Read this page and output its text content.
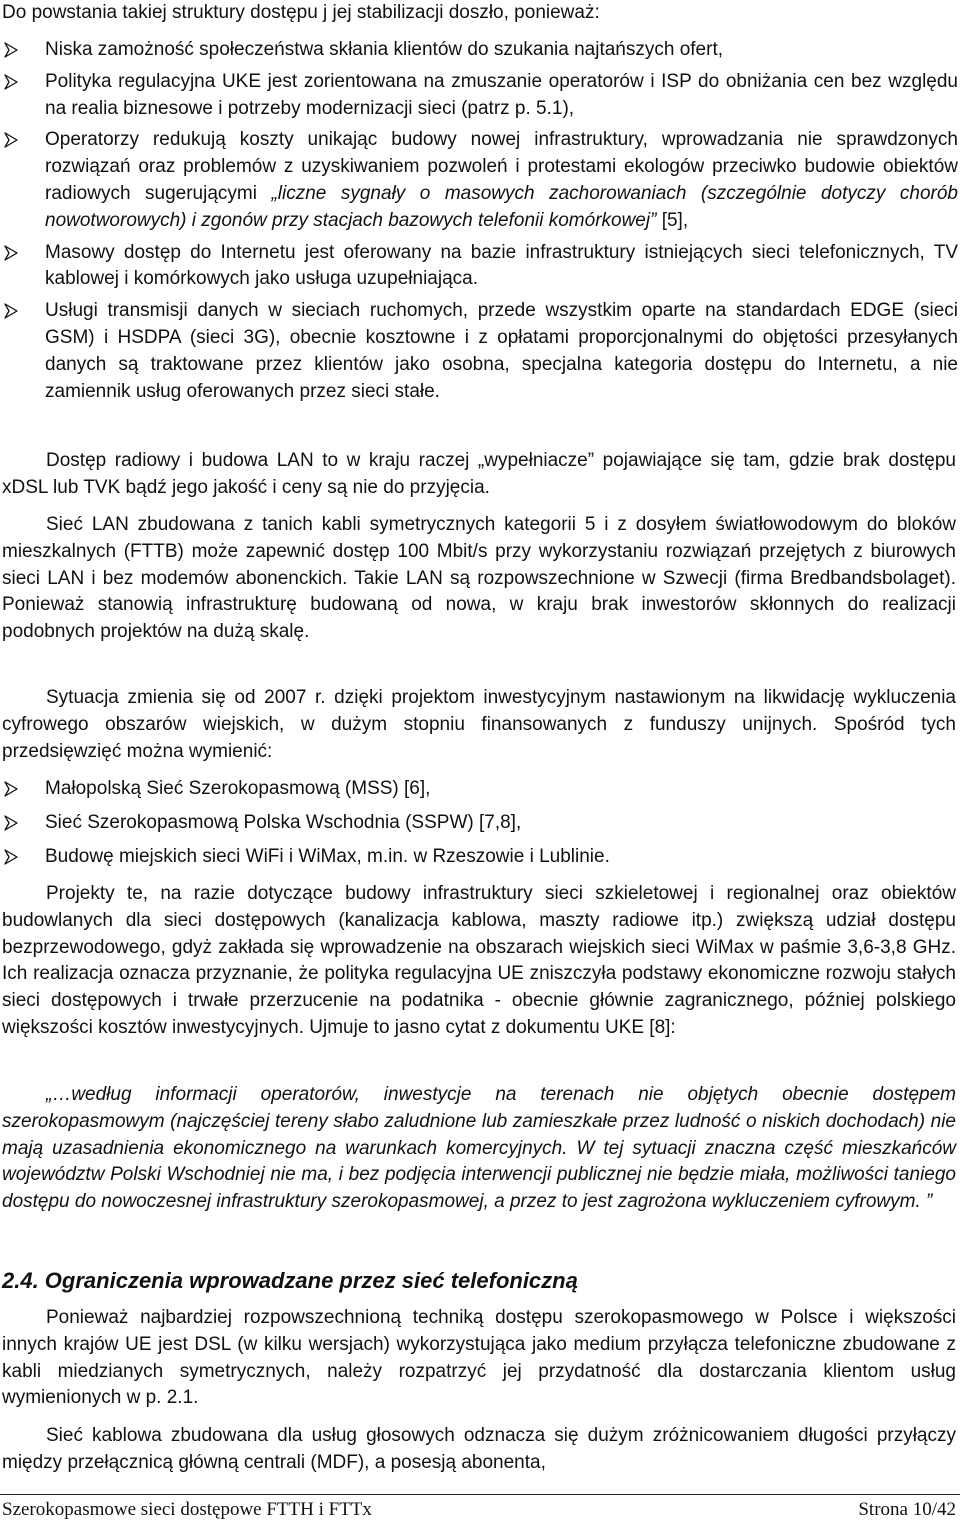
Do powstania takiej struktury dostępu j jej stabilizacji doszło, ponieważ:

Niska zamożność społeczeństwa skłania klientów do szukania najtańszych ofert,
Polityka regulacyjna UKE jest zorientowana na zmuszanie operatorów i ISP do obniżania cen bez względu na realia biznesowe i potrzeby modernizacji sieci (patrz p. 5.1),
Operatorzy redukują koszty unikając budowy nowej infrastruktury, wprowadzania nie sprawdzonych rozwiązań oraz problemów z uzyskiwaniem pozwoleń i protestami ekologów przeciwko budowie obiektów radiowych sugerującymi „liczne sygnały o masowych zachorowaniach (szczególnie dotyczy chorób nowotworowych) i zgonów przy stacjach bazowych telefonii komórkowej” [5],
Masowy dostęp do Internetu jest oferowany na bazie infrastruktury istniejących sieci telefonicznych, TV kablowej i komórkowych jako usługa uzupełniająca.
Usługi transmisji danych w sieciach ruchomych, przede wszystkim oparte na standardach EDGE (sieci GSM) i HSDPA (sieci 3G), obecnie kosztowne i z opłatami proporcjonalnymi do objętości przesyłanych danych są traktowane przez klientów jako osobna, specjalna kategoria dostępu do Internetu, a nie zamiennik usług oferowanych przez sieci stałe.

Dostęp radiowy i budowa LAN to w kraju raczej „wypełniacze” pojawiające się tam, gdzie brak dostępu xDSL lub TVK bądź jego jakość i ceny są nie do przyjęcia.

Sieć LAN zbudowana z tanich kabli symetrycznych kategorii 5 i z dosyłem światłowodowym do bloków mieszkalnych (FTTB) może zapewnić dostęp 100 Mbit/s przy wykorzystaniu rozwiązań przejętych z biurowych sieci LAN i bez modemów abonenckich. Takie LAN są rozpowszechnione w Szwecji (firma Bredbandsbolaget). Ponieważ stanowią infrastrukturę budowaną od nowa, w kraju brak inwestorów skłonnych do realizacji podobnych projektów na dużą skalę.

Sytuacja zmienia się od 2007 r. dzięki projektom inwestycyjnym nastawionym na likwidację wykluczenia cyfrowego obszarów wiejskich, w dużym stopniu finansowanych z funduszy unijnych. Spośród tych przedsięwzięć można wymienić:

Małopolską Sieć Szerokopasmową (MSS) [6],
Sieć Szerokopasmową Polska Wschodnia (SSPW) [7,8],
Budowę miejskich sieci WiFi i WiMax, m.in. w Rzeszowie i Lublinie.

Projekty te, na razie dotyczące budowy infrastruktury sieci szkieletowej i regionalnej oraz obiektów budowlanych dla sieci dostępowych (kanalizacja kablowa, maszty radiowe itp.) zwiększą udział dostępu bezprzewodowego, gdyż zakłada się wprowadzenie na obszarach wiejskich sieci WiMax w paśmie 3,6-3,8 GHz. Ich realizacja oznacza przyznanie, że polityka regulacyjna UE zniszczyła podstawy ekonomiczne rozwoju stałych sieci dostępowych i trwałe przerzucenie na podatnika - obecnie głównie zagranicznego, później polskiego większości kosztów inwestycyjnych. Ujmuje to jasno cytat z dokumentu UKE [8]:

„…według informacji operatorów, inwestycje na terenach nie objętych obecnie dostępem szerokopasmowym (najczęściej tereny słabo zaludnione lub zamieszkałe przez ludność o niskich dochodach) nie mają uzasadnienia ekonomicznego na warunkach komercyjnych. W tej sytuacji znaczna część mieszkańców województw Polski Wschodniej nie ma, i bez podjęcia interwencji publicznej nie będzie miała, możliwości taniego dostępu do nowoczesnej infrastruktury szerokopasmowej, a przez to jest zagrożona wykluczeniem cyfrowym. ”

2.4. Ograniczenia wprowadzane przez sieć telefoniczną

Ponieważ najbardziej rozpowszechnioną techniką dostępu szerokopasmowego w Polsce i większości innych krajów UE jest DSL (w kilku wersjach) wykorzystująca jako medium przyłącza telefoniczne zbudowane z kabli miedzianych symetrycznych, należy rozpatrzyć jej przydatność dla dostarczania klientom usług wymienionych w p. 2.1.

Sieć kablowa zbudowana dla usług głosowych odznacza się dużym zróżnicowaniem długości przyłączy między przełącznicą główną centrali (MDF), a posesją abonenta,

Szerokopasmowe sieci dostępowe FTTH i FTTx	Strona 10/42
